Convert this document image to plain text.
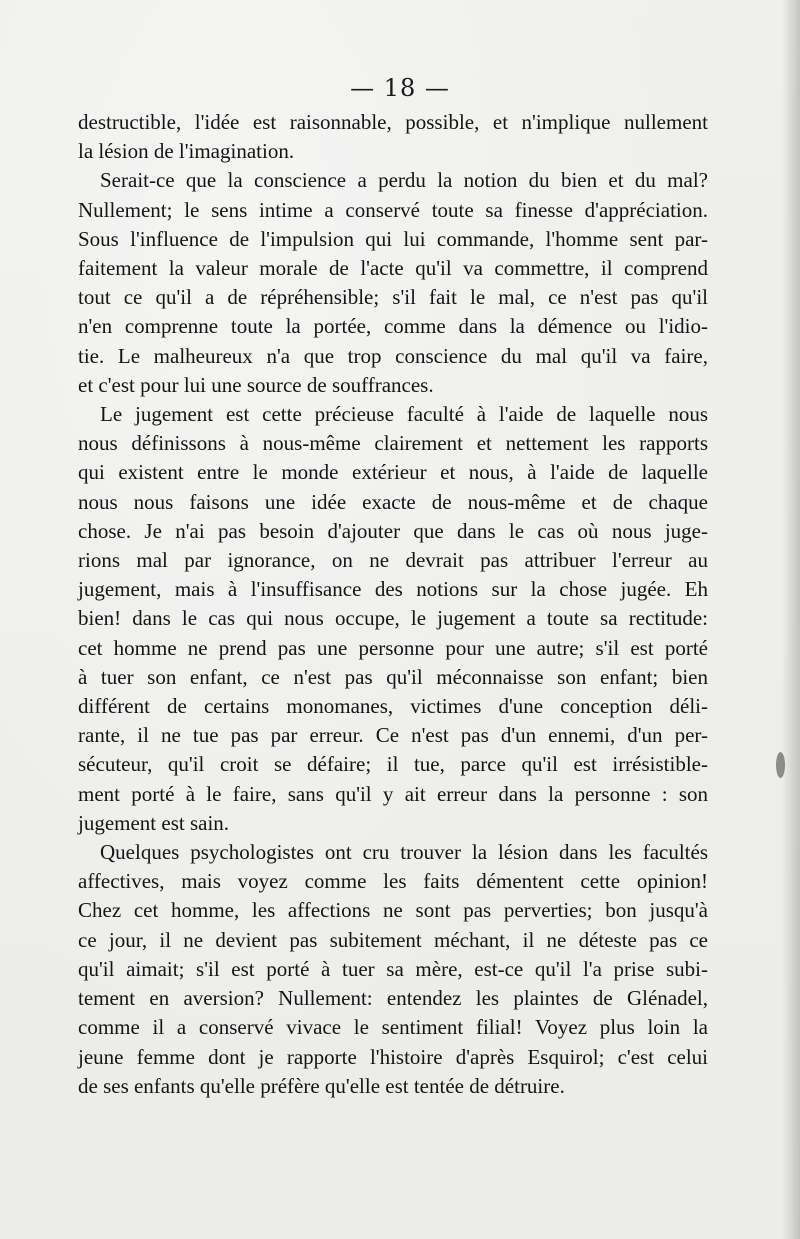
— 18 —
destructible, l'idée est raisonnable, possible, et n'implique nullement
la lésion de l'imagination.
Serait-ce que la conscience a perdu la notion du bien et du mal?
Nullement; le sens intime a conservé toute sa finesse d'appréciation.
Sous l'influence de l'impulsion qui lui commande, l'homme sent par-
faitement la valeur morale de l'acte qu'il va commettre, il comprend
tout ce qu'il a de répréhensible; s'il fait le mal, ce n'est pas qu'il
n'en comprenne toute la portée, comme dans la démence ou l'idio-
tie. Le malheureux n'a que trop conscience du mal qu'il va faire,
et c'est pour lui une source de souffrances.
Le jugement est cette précieuse faculté à l'aide de laquelle nous
nous définissons à nous-même clairement et nettement les rapports
qui existent entre le monde extérieur et nous, à l'aide de laquelle
nous nous faisons une idée exacte de nous-même et de chaque
chose. Je n'ai pas besoin d'ajouter que dans le cas où nous juge-
rions mal par ignorance, on ne devrait pas attribuer l'erreur au
jugement, mais à l'insuffisance des notions sur la chose jugée. Eh
bien! dans le cas qui nous occupe, le jugement a toute sa rectitude:
cet homme ne prend pas une personne pour une autre; s'il est porté
à tuer son enfant, ce n'est pas qu'il méconnaisse son enfant; bien
différent de certains monomanes, victimes d'une conception déli-
rante, il ne tue pas par erreur. Ce n'est pas d'un ennemi, d'un per-
sécuteur, qu'il croit se défaire; il tue, parce qu'il est irrésistible-
ment porté à le faire, sans qu'il y ait erreur dans la personne : son
jugement est sain.
Quelques psychologistes ont cru trouver la lésion dans les facultés
affectives, mais voyez comme les faits démentent cette opinion!
Chez cet homme, les affections ne sont pas perverties; bon jusqu'à
ce jour, il ne devient pas subitement méchant, il ne déteste pas ce
qu'il aimait; s'il est porté à tuer sa mère, est-ce qu'il l'a prise subi-
tement en aversion? Nullement: entendez les plaintes de Glénadel,
comme il a conservé vivace le sentiment filial! Voyez plus loin la
jeune femme dont je rapporte l'histoire d'après Esquirol; c'est celui
de ses enfants qu'elle préfère qu'elle est tentée de détruire.
